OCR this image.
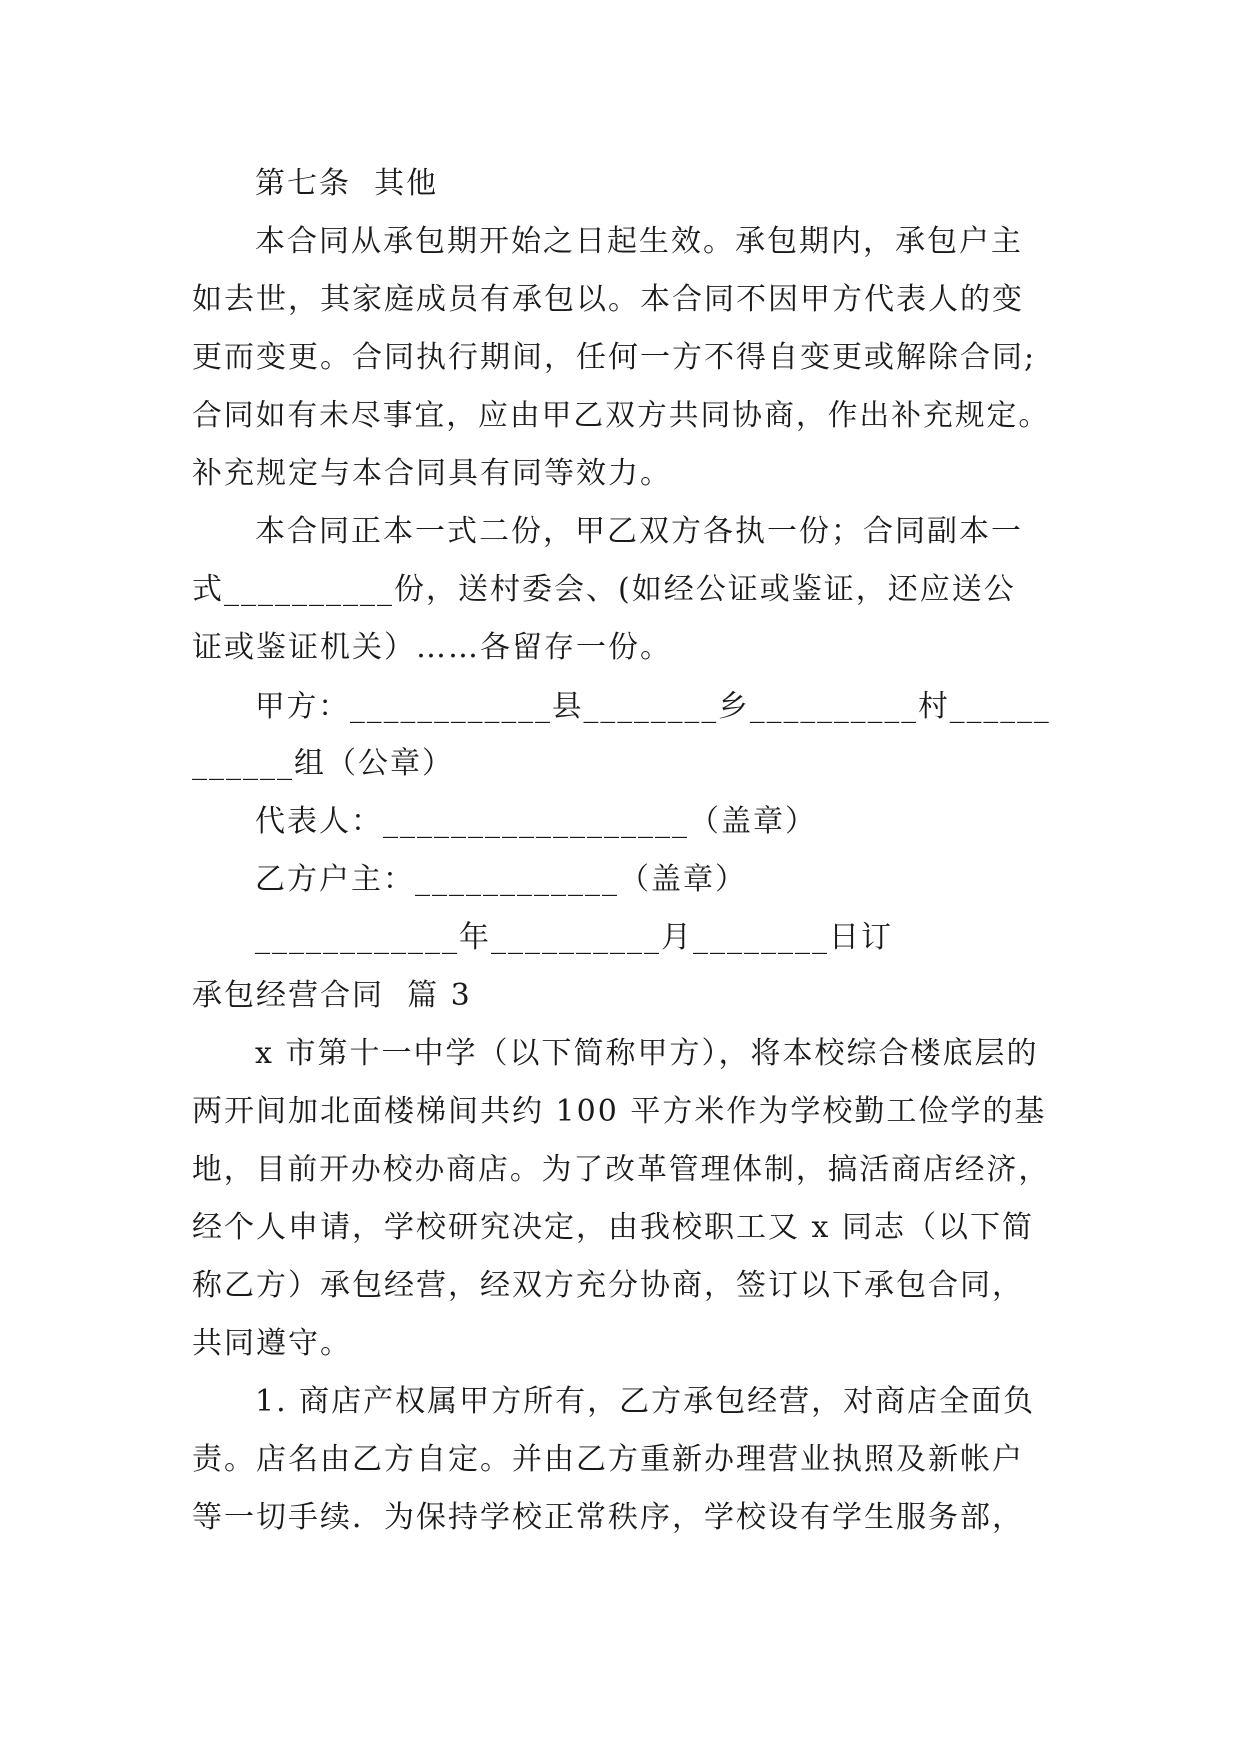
第七条  其他
本合同从承包期开始之日起生效。承包期内，承包户主
如去世，其家庭成员有承包以。本合同不因甲方代表人的变
更而变更。合同执行期间，任何一方不得自变更或解除合同;
合同如有未尽事宜，应由甲乙双方共同协商，作出补充规定。
补充规定与本合同具有同等效力。
本合同正本一式二份，甲乙双方各执一份；合同副本一
式__________份，送村委会、(如经公证或鉴证，还应送公
证或鉴证机关）……各留存一份。
甲方：____________县________乡__________村______
______组（公章）
代表人：__________________（盖章）
乙方户主：____________（盖章）
____________年__________月________日订
承包经营合同  篇 3
x 市第十一中学（以下简称甲方），将本校综合楼底层的
两开间加北面楼梯间共约 100 平方米作为学校勤工俭学的基
地，目前开办校办商店。为了改革管理体制，搞活商店经济，
经个人申请，学校研究决定，由我校职工又 x 同志（以下简
称乙方）承包经营，经双方充分协商，签订以下承包合同，
共同遵守。
1. 商店产权属甲方所有，乙方承包经营，对商店全面负
责。店名由乙方自定。并由乙方重新办理营业执照及新帐户
等一切手续．为保持学校正常秩序，学校设有学生服务部，
